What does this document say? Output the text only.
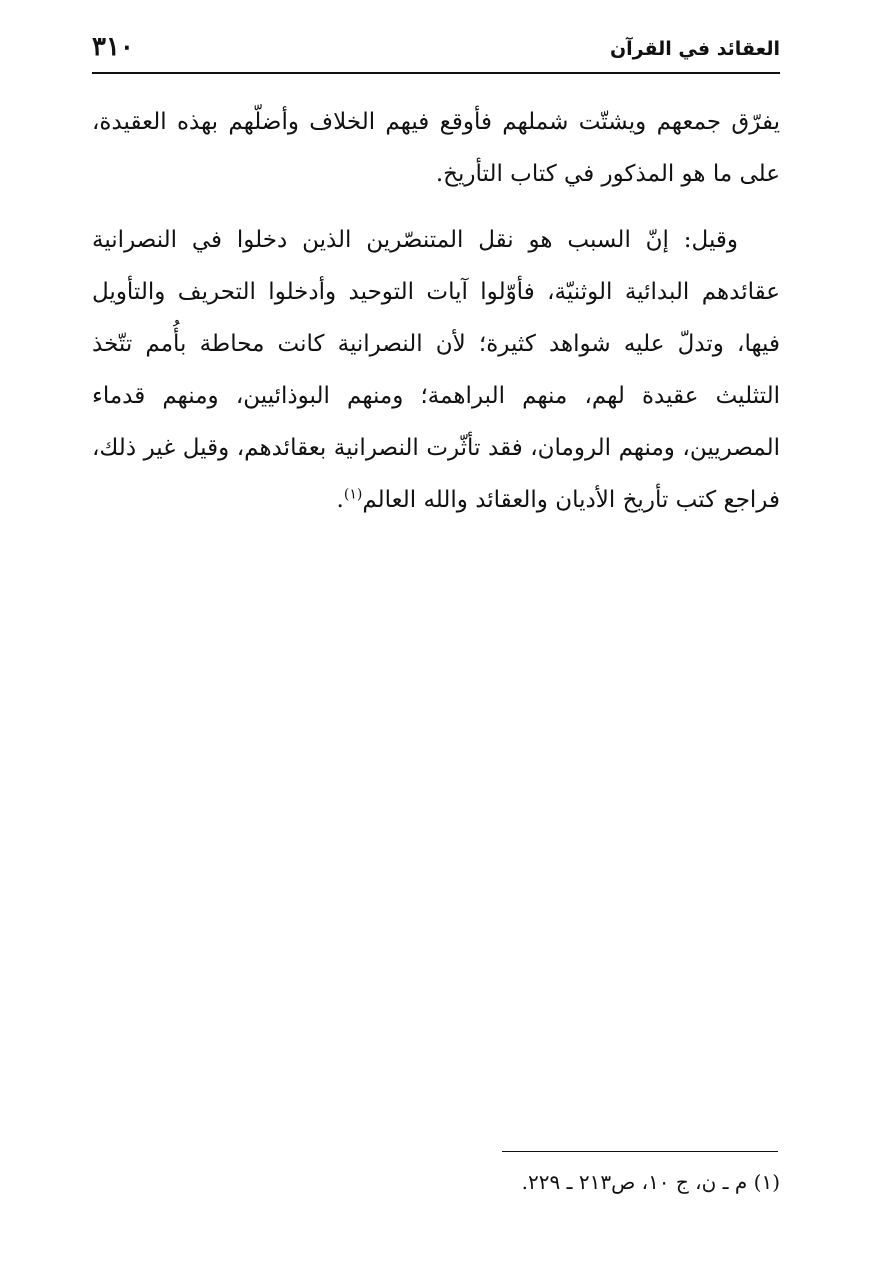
العقائد في القرآن
٣١٠

يفرّق جمعهم ويشتّت شملهم فأوقع فيهم الخلاف وأضلّهم بهذه العقيدة، على ما هو المذكور في كتاب التأريخ.

وقيل: إنّ السبب هو نقل المتنصّرين الذين دخلوا في النصرانية عقائدهم البدائية الوثنيّة، فأوّلوا آيات التوحيد وأدخلوا التحريف والتأويل فيها، وتدلّ عليه شواهد كثيرة؛ لأن النصرانية كانت محاطة بأُمم تتّخذ التثليث عقيدة لهم، منهم البراهمة؛ ومنهم البوذائيين، ومنهم قدماء المصريين، ومنهم الرومان، فقد تأثّرت النصرانية بعقائدهم، وقيل غير ذلك، فراجع كتب تأريخ الأديان والعقائد والله العالم$^{(١)}$.

(١) م ـ ن، ج ١٠، ص٢١٣ ـ ٢٢٩.
